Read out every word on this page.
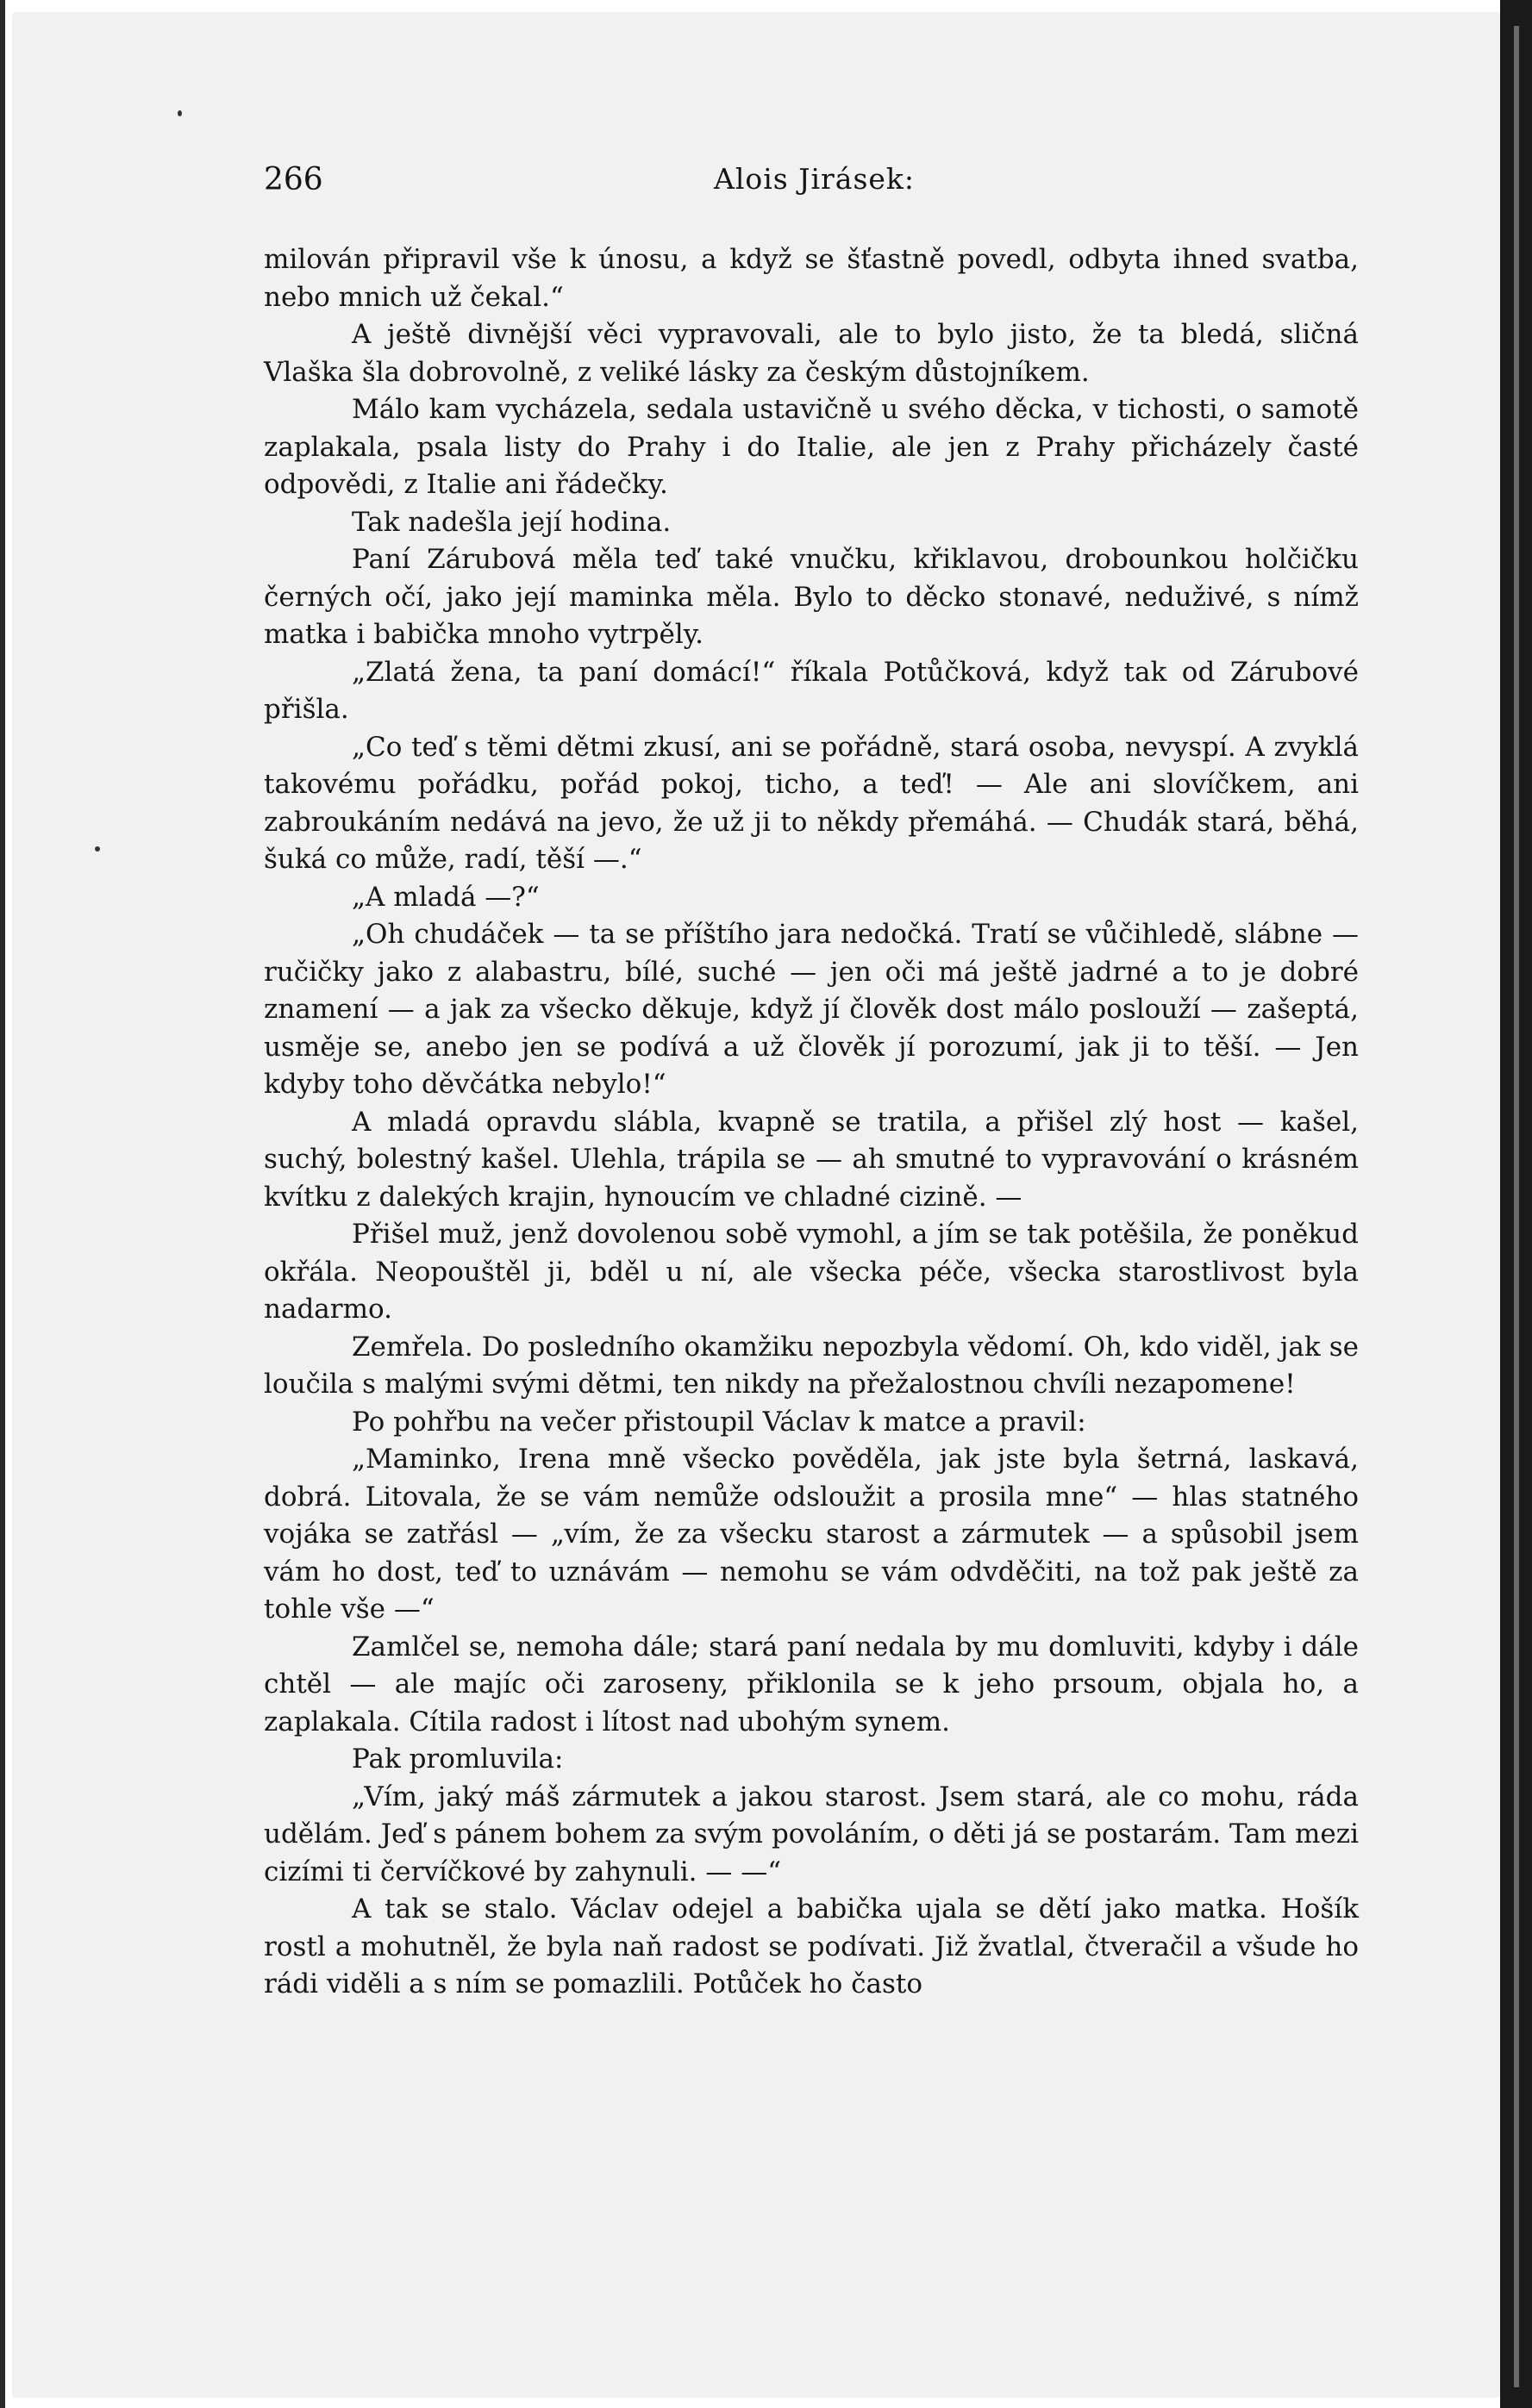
266	Alois Jirásek:

milován připravil vše k únosu, a když se šťastně povedl, odbyta ihned svatba, nebo mnich už čekal.“

A ještě divnější věci vypravovali, ale to bylo jisto, že ta bledá, sličná Vlaška šla dobrovolně, z veliké lásky za českým důstojníkem.

Málo kam vycházela, sedala ustavičně u svého děcka, v tichosti, o samotě zaplakala, psala listy do Prahy i do Italie, ale jen z Prahy přicházely časté odpovědi, z Italie ani řádečky.

Tak nadešla její hodina.

Paní Zárubová měla teď také vnučku, křiklavou, drobounkou holčičku černých očí, jako její maminka měla. Bylo to děcko stonavé, neduživé, s nímž matka i babička mnoho vytrpěly.

„Zlatá žena, ta paní domácí!“ říkala Potůčková, když tak od Zárubové přišla.

„Co teď s těmi dětmi zkusí, ani se pořádně, stará osoba, nevyspí. A zvyklá takovému pořádku, pořád pokoj, ticho, a teď! — Ale ani slovíčkem, ani zabroukáním nedává na jevo, že už ji to někdy přemáhá. — Chudák stará, běhá, šuká co může, radí, těší —.“

„A mladá —?“

„Oh chudáček — ta se příštího jara nedočká. Tratí se vůčihledě, slábne — ručičky jako z alabastru, bílé, suché — jen oči má ještě jadrné a to je dobré znamení — a jak za všecko děkuje, když jí člověk dost málo poslouží — zašeptá, usměje se, anebo jen se podívá a už člověk jí porozumí, jak ji to těší. — Jen kdyby toho děvčátka nebylo!“

A mladá opravdu slábla, kvapně se tratila, a přišel zlý host — kašel, suchý, bolestný kašel. Ulehla, trápila se — ah smutné to vypravování o krásném kvítku z dalekých krajin, hynoucím ve chladné cizině. —

Přišel muž, jenž dovolenou sobě vymohl, a jím se tak potěšila, že poněkud okřála. Neopouštěl ji, bděl u ní, ale všecka péče, všecka starostlivost byla nadarmo.

Zemřela. Do posledního okamžiku nepozbyla vědomí. Oh, kdo viděl, jak se loučila s malými svými dětmi, ten nikdy na přežalostnou chvíli nezapomene!

Po pohřbu na večer přistoupil Václav k matce a pravil:

„Maminko, Irena mně všecko pověděla, jak jste byla šetrná, laskavá, dobrá. Litovala, že se vám nemůže odsloužit a prosila mne“ — hlas statného vojáka se zatřásl — „vím, že za všecku starost a zármutek — a spůsobil jsem vám ho dost, teď to uznávám — nemohu se vám odvděčiti, na tož pak ještě za tohle vše —“

Zamlčel se, nemoha dále; stará paní nedala by mu domluviti, kdyby i dále chtěl — ale majíc oči zaroseny, přiklonila se k jeho prsoum, objala ho, a zaplakala. Cítila radost i lítost nad ubohým synem.

Pak promluvila:

„Vím, jaký máš zármutek a jakou starost. Jsem stará, ale co mohu, ráda udělám. Jeď s pánem bohem za svým povoláním, o děti já se postarám. Tam mezi cizími ti červíčkové by zahynuli. — —“

A tak se stalo. Václav odejel a babička ujala se dětí jako matka. Hošík rostl a mohutněl, že byla naň radost se podívati. Již žvatlal, čtveračil a všude ho rádi viděli a s ním se pomazlili. Potůček ho často
